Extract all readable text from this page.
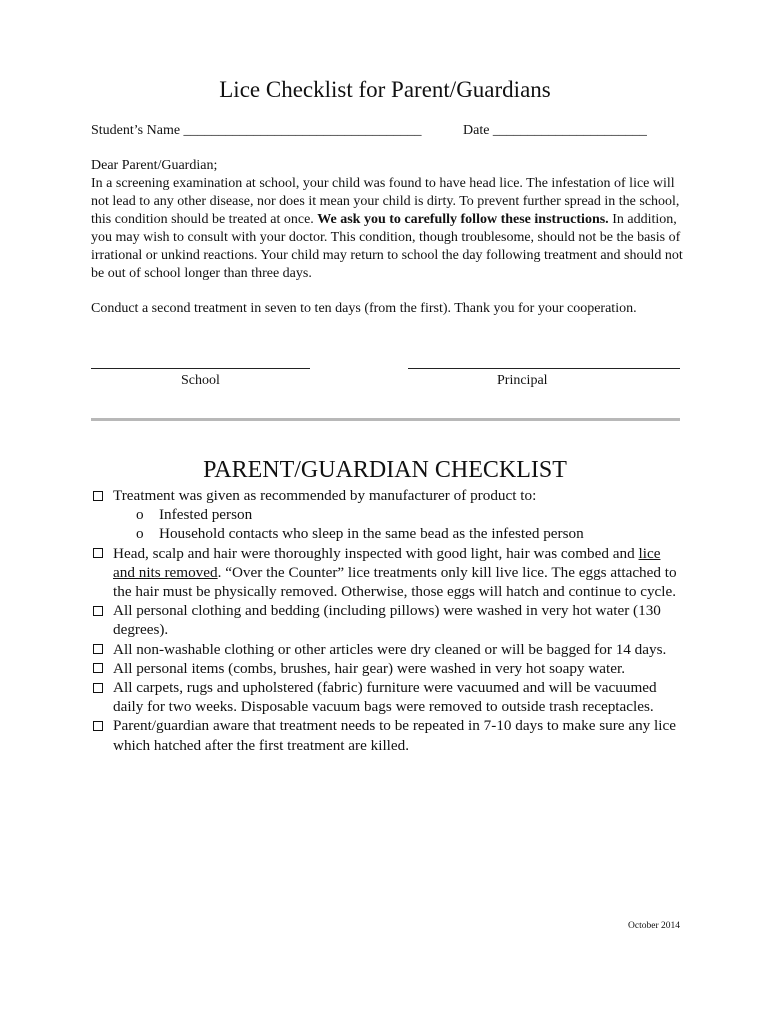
Lice Checklist for Parent/Guardians
Student’s Name __________________________________	Date ______________________

Dear Parent/Guardian;

In a screening examination at school, your child was found to have head lice. The infestation of lice will not lead to any other disease, nor does it mean your child is dirty. To prevent further spread in the school, this condition should be treated at once. We ask you to carefully follow these instructions. In addition, you may wish to consult with your doctor. This condition, though troublesome, should not be the basis of irrational or unkind reactions. Your child may return to school the day following treatment and should not be out of school longer than three days.

Conduct a second treatment in seven to ten days (from the first). Thank you for your cooperation.

School	Principal
PARENT/GUARDIAN CHECKLIST
Treatment was given as recommended by manufacturer of product to:
o Infested person
o Household contacts who sleep in the same bead as the infested person
Head, scalp and hair were thoroughly inspected with good light, hair was combed and lice and nits removed. “Over the Counter” lice treatments only kill live lice. The eggs attached to the hair must be physically removed. Otherwise, those eggs will hatch and continue to cycle.
All personal clothing and bedding (including pillows) were washed in very hot water (130 degrees).
All non-washable clothing or other articles were dry cleaned or will be bagged for 14 days.
All personal items (combs, brushes, hair gear) were washed in very hot soapy water.
All carpets, rugs and upholstered (fabric) furniture were vacuumed and will be vacuumed daily for two weeks. Disposable vacuum bags were removed to outside trash receptacles.
Parent/guardian aware that treatment needs to be repeated in 7-10 days to make sure any lice which hatched after the first treatment are killed.
October 2014
